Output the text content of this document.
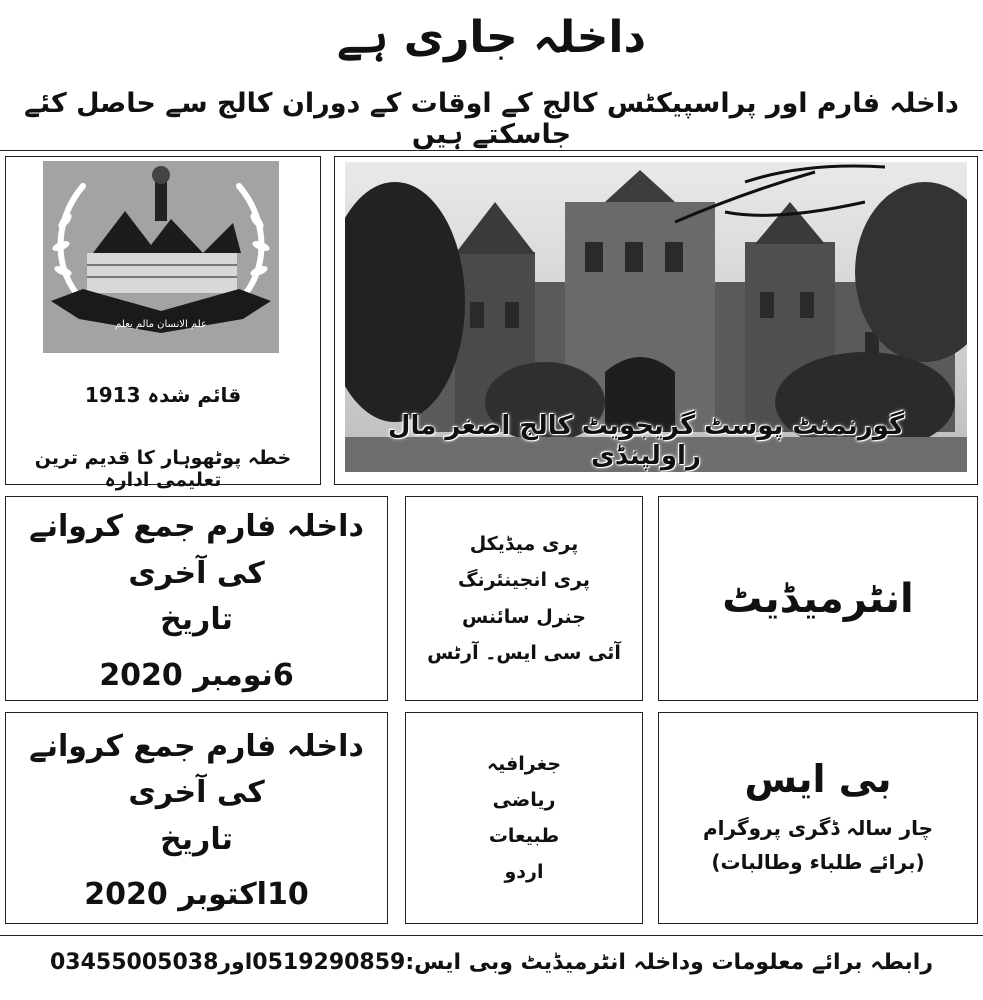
داخلہ جاری ہے
داخلہ فارم اور پراسپیکٹس کالج کے اوقات کے دوران کالج سے حاصل کئے جاسکتے ہیں
علم الانسان مالم یعلم
قائم شدہ 1913
خطہ پوٹھوہار کا قدیم ترین تعلیمی ادارہ
گورنمنٹ پوسٹ گریجویٹ کالج اصغر مال راولپنڈی
داخلہ فارم جمع کروانے کی آخری
تاریخ
6نومبر 2020
پری میڈیکل
پری انجینئرنگ
جنرل سائنس
آئی سی ایس۔ آرٹس
انٹرمیڈیٹ
داخلہ فارم جمع کروانے کی آخری
تاریخ
10اکتوبر 2020
جغرافیہ
ریاضی
طبیعات
اردو
بی ایس
چار سالہ ڈگری پروگرام
(برائے طلباء وطالبات)
رابطہ برائے معلومات وداخلہ انٹرمیڈیٹ وبی ایس:0519290859اور03455005038
